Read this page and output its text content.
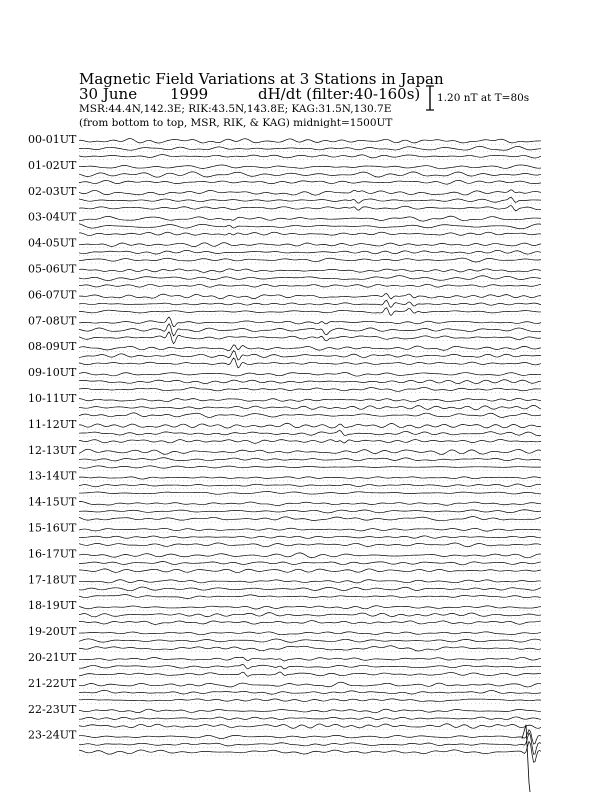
Magnetic Field Variations at 3 Stations in Japan
30 June 1999	dH/dt (filter:40-160s)
MSR:44.4N,142.3E; RIK:43.5N,143.8E; KAG:31.5N,130.7E
(from bottom to top, MSR, RIK, & KAG) midnight=1500UT
1.20 nT at T=80s
00-01UT
01-02UT
02-03UT
03-04UT
04-05UT
05-06UT
06-07UT
07-08UT
08-09UT
09-10UT
10-11UT
11-12UT
12-13UT
13-14UT
14-15UT
15-16UT
16-17UT
17-18UT
18-19UT
19-20UT
20-21UT
21-22UT
22-23UT
23-24UT
